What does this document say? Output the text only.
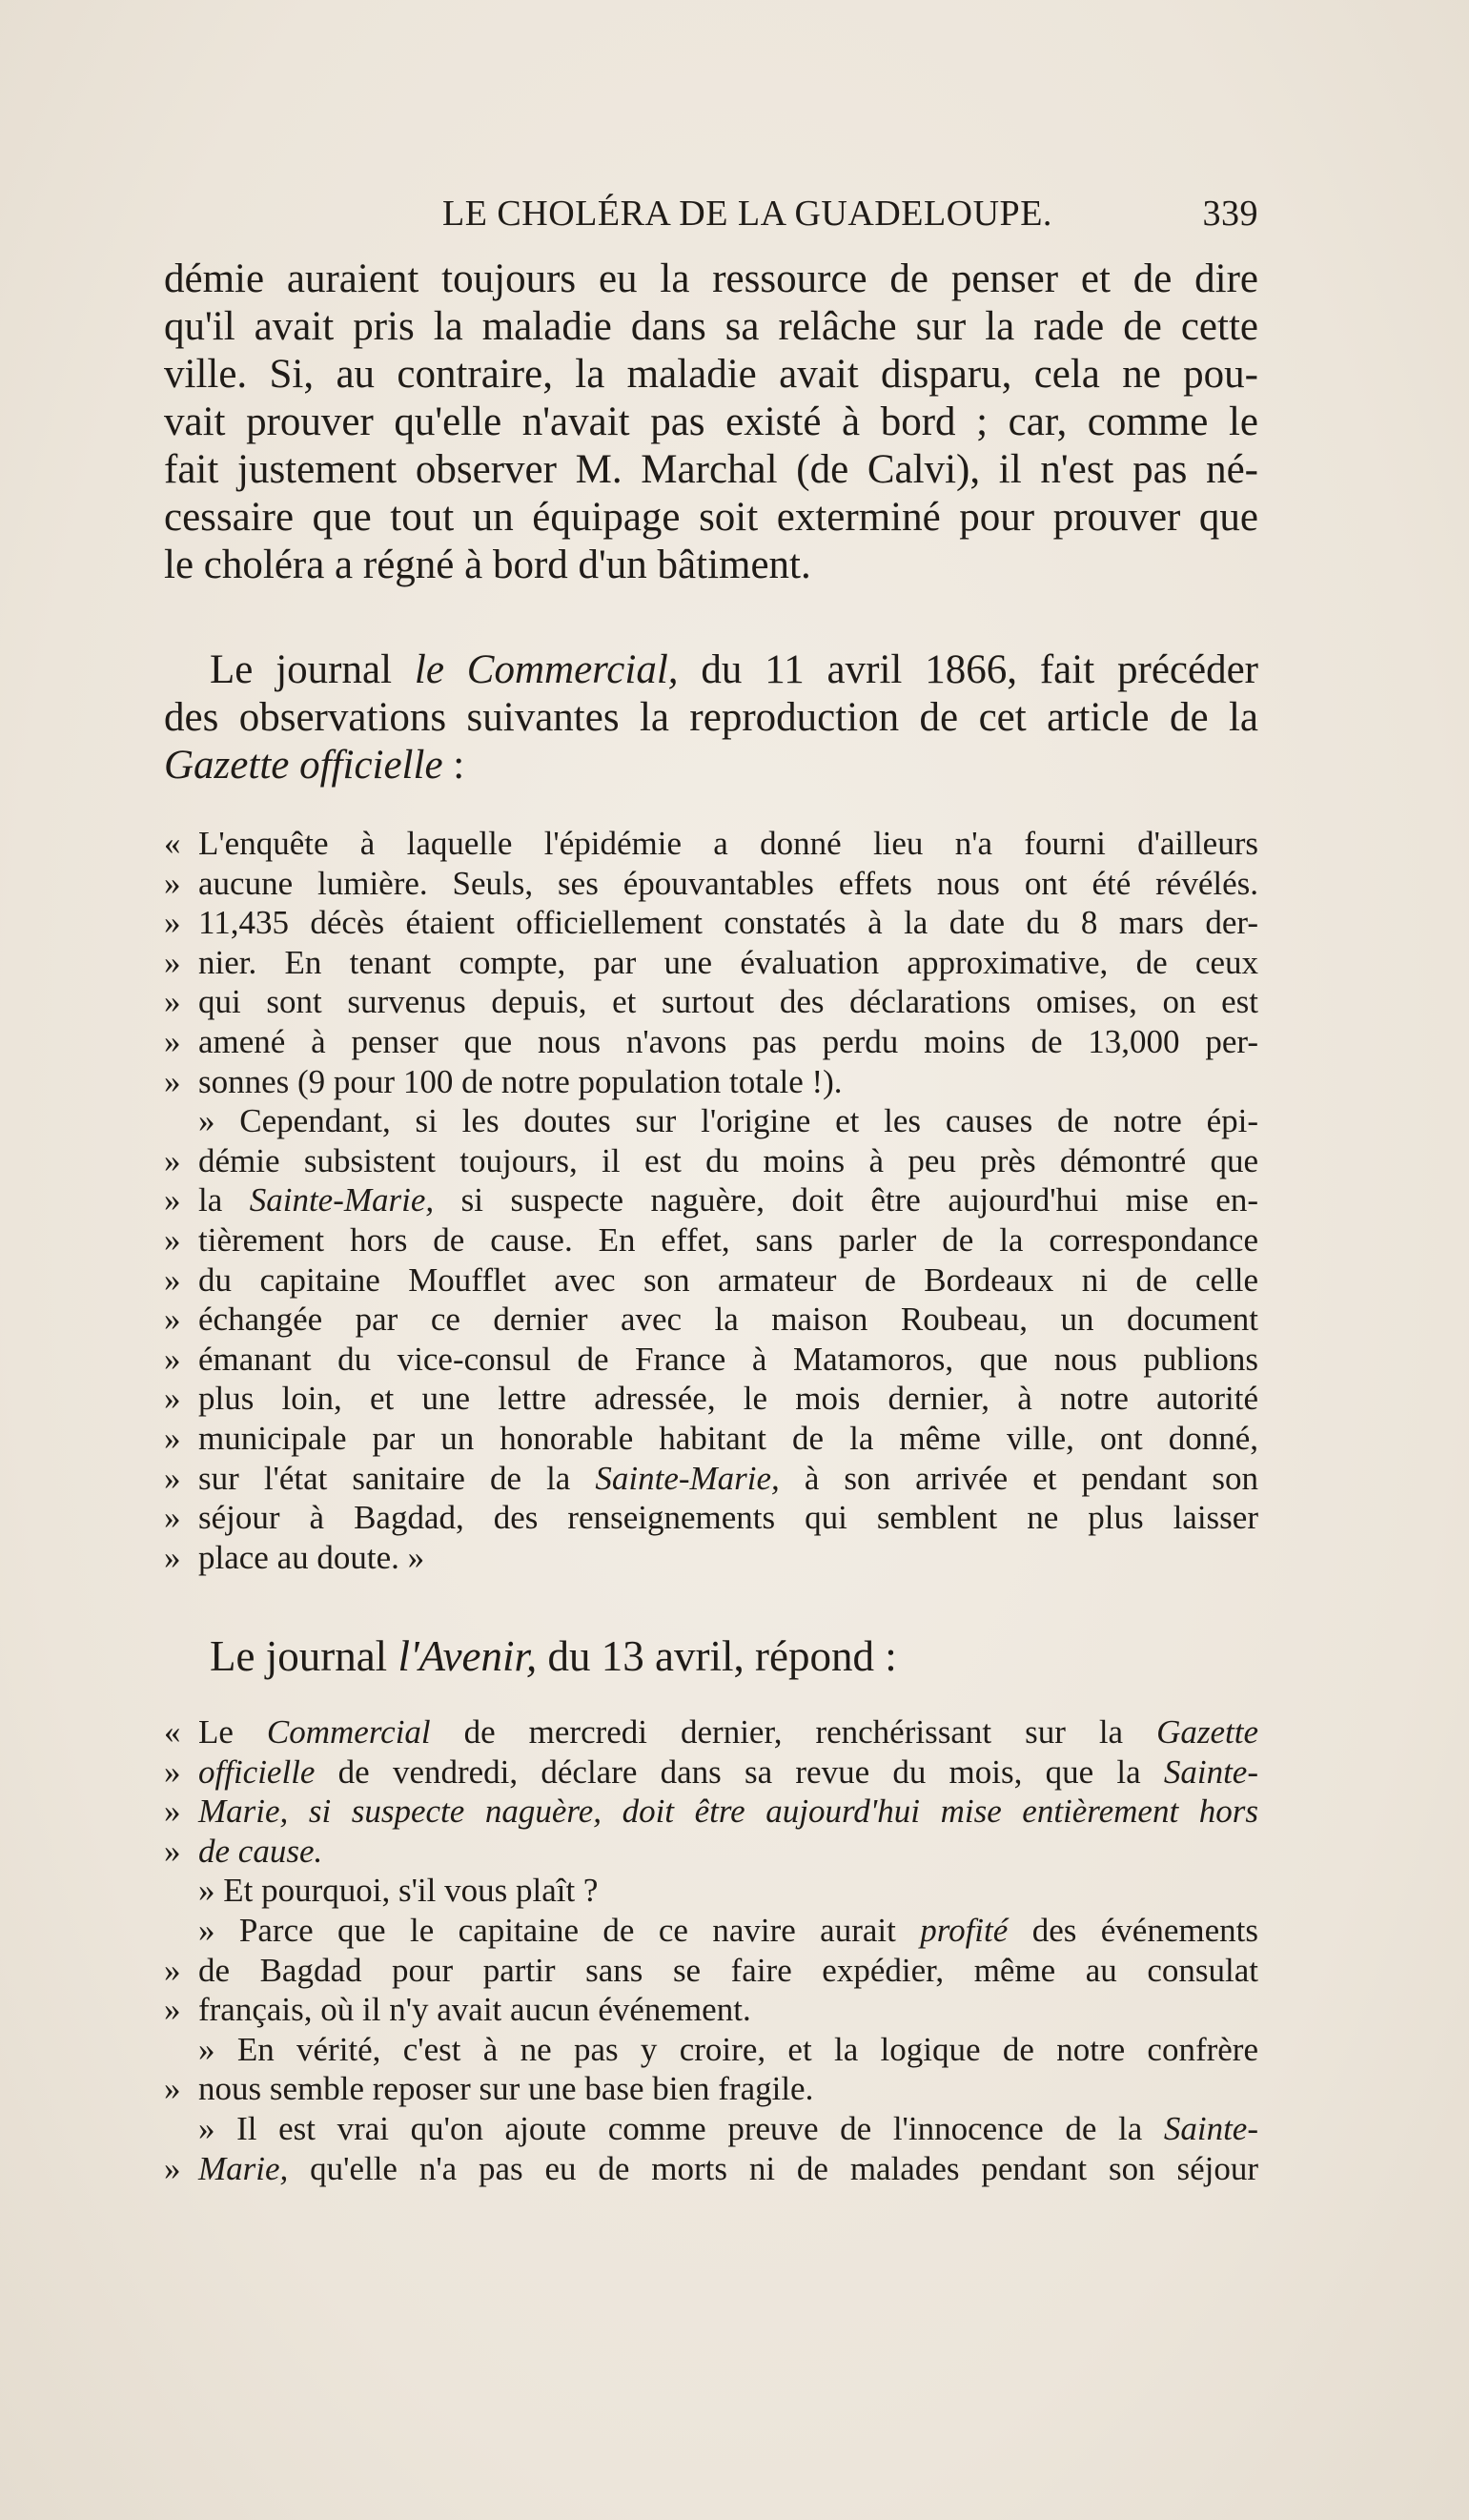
LE CHOLÉRA DE LA GUADELOUPE.	339
démie auraient toujours eu la ressource de penser et de dire
qu'il avait pris la maladie dans sa relâche sur la rade de cette
ville. Si, au contraire, la maladie avait disparu, cela ne pou-
vait prouver qu'elle n'avait pas existé à bord ; car, comme le
fait justement observer M. Marchal (de Calvi), il n'est pas né-
cessaire que tout un équipage soit exterminé pour prouver que
le choléra a régné à bord d'un bâtiment.
Le journal le Commercial, du 11 avril 1866, fait précéder
des observations suivantes la reproduction de cet article de la
Gazette officielle :
« L'enquête à laquelle l'épidémie a donné lieu n'a fourni d'ailleurs
» aucune lumière. Seuls, ses épouvantables effets nous ont été révélés.
» 11,435 décès étaient officiellement constatés à la date du 8 mars der-
» nier. En tenant compte, par une évaluation approximative, de ceux
» qui sont survenus depuis, et surtout des déclarations omises, on est
» amené à penser que nous n'avons pas perdu moins de 13,000 per-
» sonnes (9 pour 100 de notre population totale !).
» Cependant, si les doutes sur l'origine et les causes de notre épi-
» démie subsistent toujours, il est du moins à peu près démontré que
» la Sainte-Marie, si suspecte naguère, doit être aujourd'hui mise en-
» tièrement hors de cause. En effet, sans parler de la correspondance
» du capitaine Moufflet avec son armateur de Bordeaux ni de celle
» échangée par ce dernier avec la maison Roubeau, un document
» émanant du vice-consul de France à Matamoros, que nous publions
» plus loin, et une lettre adressée, le mois dernier, à notre autorité
» municipale par un honorable habitant de la même ville, ont donné,
» sur l'état sanitaire de la Sainte-Marie, à son arrivée et pendant son
» séjour à Bagdad, des renseignements qui semblent ne plus laisser
» place au doute. »
Le journal l'Avenir, du 13 avril, répond :
« Le Commercial de mercredi dernier, renchérissant sur la Gazette
» officielle de vendredi, déclare dans sa revue du mois, que la Sainte-
» Marie, si suspecte naguère, doit être aujourd'hui mise entièrement hors
» de cause.
» Et pourquoi, s'il vous plaît ?
» Parce que le capitaine de ce navire aurait profité des événements
» de Bagdad pour partir sans se faire expédier, même au consulat
» français, où il n'y avait aucun événement.
» En vérité, c'est à ne pas y croire, et la logique de notre confrère
» nous semble reposer sur une base bien fragile.
» Il est vrai qu'on ajoute comme preuve de l'innocence de la Sainte-
» Marie, qu'elle n'a pas eu de morts ni de malades pendant son séjour
